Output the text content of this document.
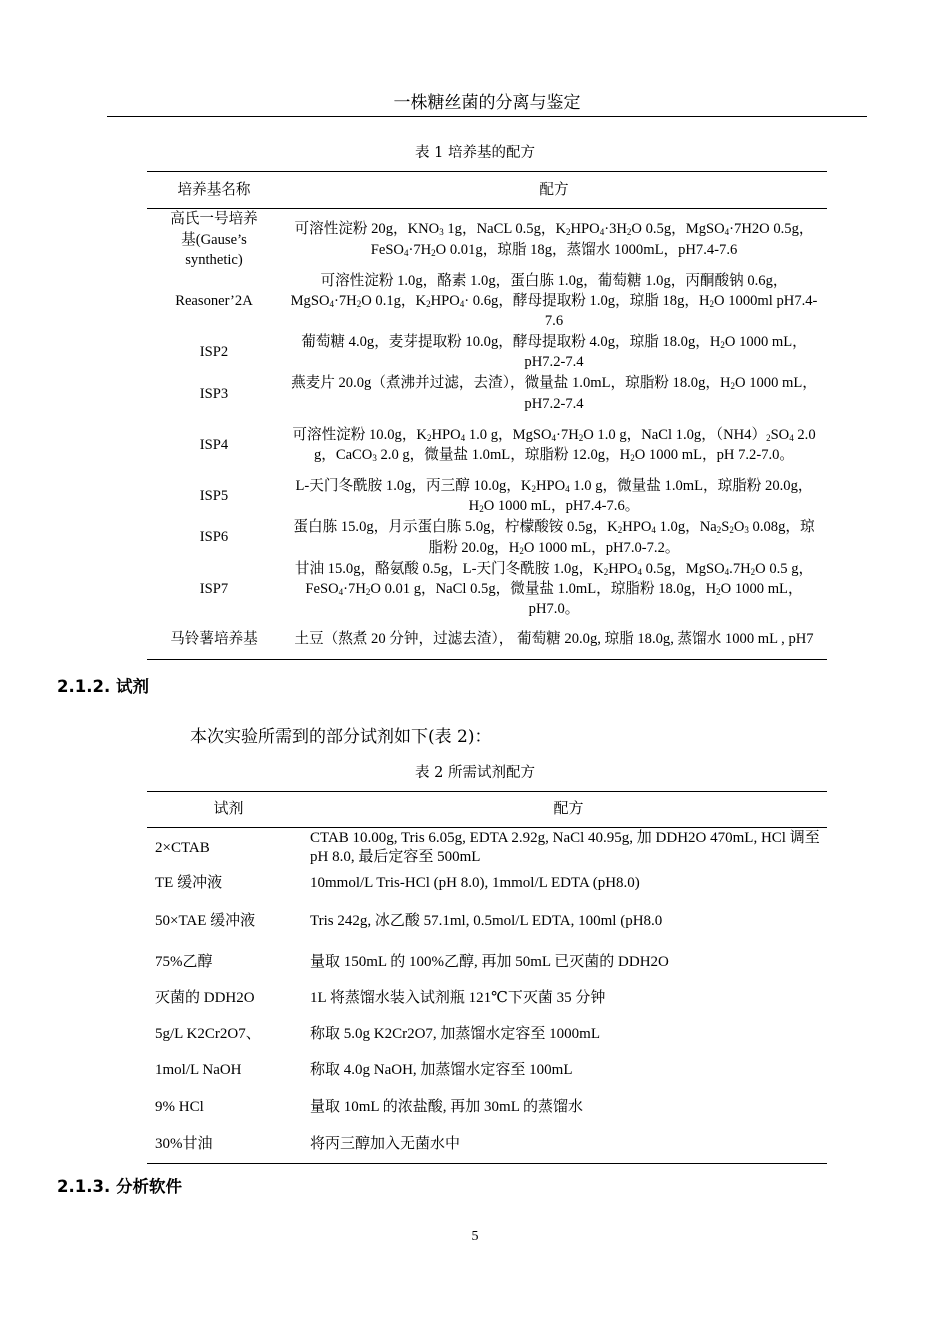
一株糖丝菌的分离与鉴定
表 1 培养基的配方
培养基名称	配方

高氏一号培养
基(Gause’s
synthetic)	可溶性淀粉 20g，$KNO_3$ 1g，NaCL 0.5g，$K_2HPO_4\cdot 3H_2O$ 0.5g，MgSO$_4$·7H2O 0.5g，$FeSO_4\cdot 7H_2O$ 0.01g，琼脂 18g，蒸馏水 1000mL，pH7.4-7.6

Reasoner’2A	可溶性淀粉 1.0g，酪素 1.0g，蛋白胨 1.0g，葡萄糖 1.0g，丙酮酸钠 0.6g，$MgSO_4\cdot 7H_2O$ 0.1g，$K_2HPO_4\cdot 0.6g$，酵母提取粉 1.0g，琼脂 18g，$H_2O$ 1000ml pH7.4-7.6

ISP2	葡萄糖 4.0g，麦芽提取粉 10.0g，酵母提取粉 4.0g，琼脂 18.0g，$H_2O$ 1000 mL，pH7.2-7.4

ISP3	燕麦片 20.0g（煮沸并过滤，去渣），微量盐 1.0mL，琼脂粉 18.0g，$H_2O$ 1000 mL，pH7.2-7.4

ISP4	可溶性淀粉 10.0g，$K_2HPO_4$ 1.0 g，$MgSO_4\cdot 7H_2O$ 1.0 g，NaCl 1.0g，$(NH4)_2SO_4$ 2.0 g，CaCO$_3$ 2.0 g，微量盐 1.0mL，琼脂粉 12.0g，$H_2O$ 1000 mL，pH 7.2-7.0。

ISP5	L-天门冬酰胺 1.0g，丙三醇 10.0g，$K_2HPO_4$ 1.0 g，微量盐 1.0mL，琼脂粉 20.0g，$H_2O$ 1000 mL，pH7.4-7.6。

ISP6	蛋白胨 15.0g，月示蛋白胨 5.0g，柠檬酸铵 0.5g，$K_2HPO_4$ 1.0g，$Na_2S_2O_3$ 0.08g，琼脂粉 20.0g，$H_2O$ 1000 mL，pH7.0-7.2。

ISP7	甘油 15.0g，酪氨酸 0.5g，L-天门冬酰胺 1.0g，$K_2HPO_4$ 0.5g，$MgSO_4.7H_2O$ 0.5 g，$FeSO_4\cdot 7H_2O$ 0.01 g，NaCl 0.5g，微量盐 1.0mL，琼脂粉 18.0g，$H_2O$ 1000 mL，pH7.0。

马铃薯培养基	土豆（熬煮 20 分钟，过滤去渣）， 葡萄糖 20.0g, 琼脂 18.0g, 蒸馏水 1000 mL , pH7
2.1.2. 试剂
本次实验所需到的部分试剂如下(表 2)：
表 2 所需试剂配方
试剂	配方
2×CTAB	CTAB 10.00g, Tris 6.05g, EDTA 2.92g, NaCl 40.95g, 加 DDH2O 470mL, HCl 调至 pH 8.0, 最后定容至 500mL
TE 缓冲液	10mmol/L Tris-HCl (pH 8.0), 1mmol/L EDTA (pH8.0)
50×TAE 缓冲液	Tris 242g, 冰乙酸 57.1ml, 0.5mol/L EDTA, 100ml (pH8.0
75%乙醇	量取 150mL 的 100%乙醇, 再加 50mL 已灭菌的 DDH2O
灭菌的 DDH2O	1L 将蒸馏水装入试剂瓶 121℃下灭菌 35 分钟
5g/L K2Cr2O7、	称取 5.0g K2Cr2O7, 加蒸馏水定容至 1000mL
1mol/L NaOH	称取 4.0g NaOH, 加蒸馏水定容至 100mL
9% HCl	量取 10mL 的浓盐酸, 再加 30mL 的蒸馏水
30%甘油	将丙三醇加入无菌水中
2.1.3. 分析软件
5
